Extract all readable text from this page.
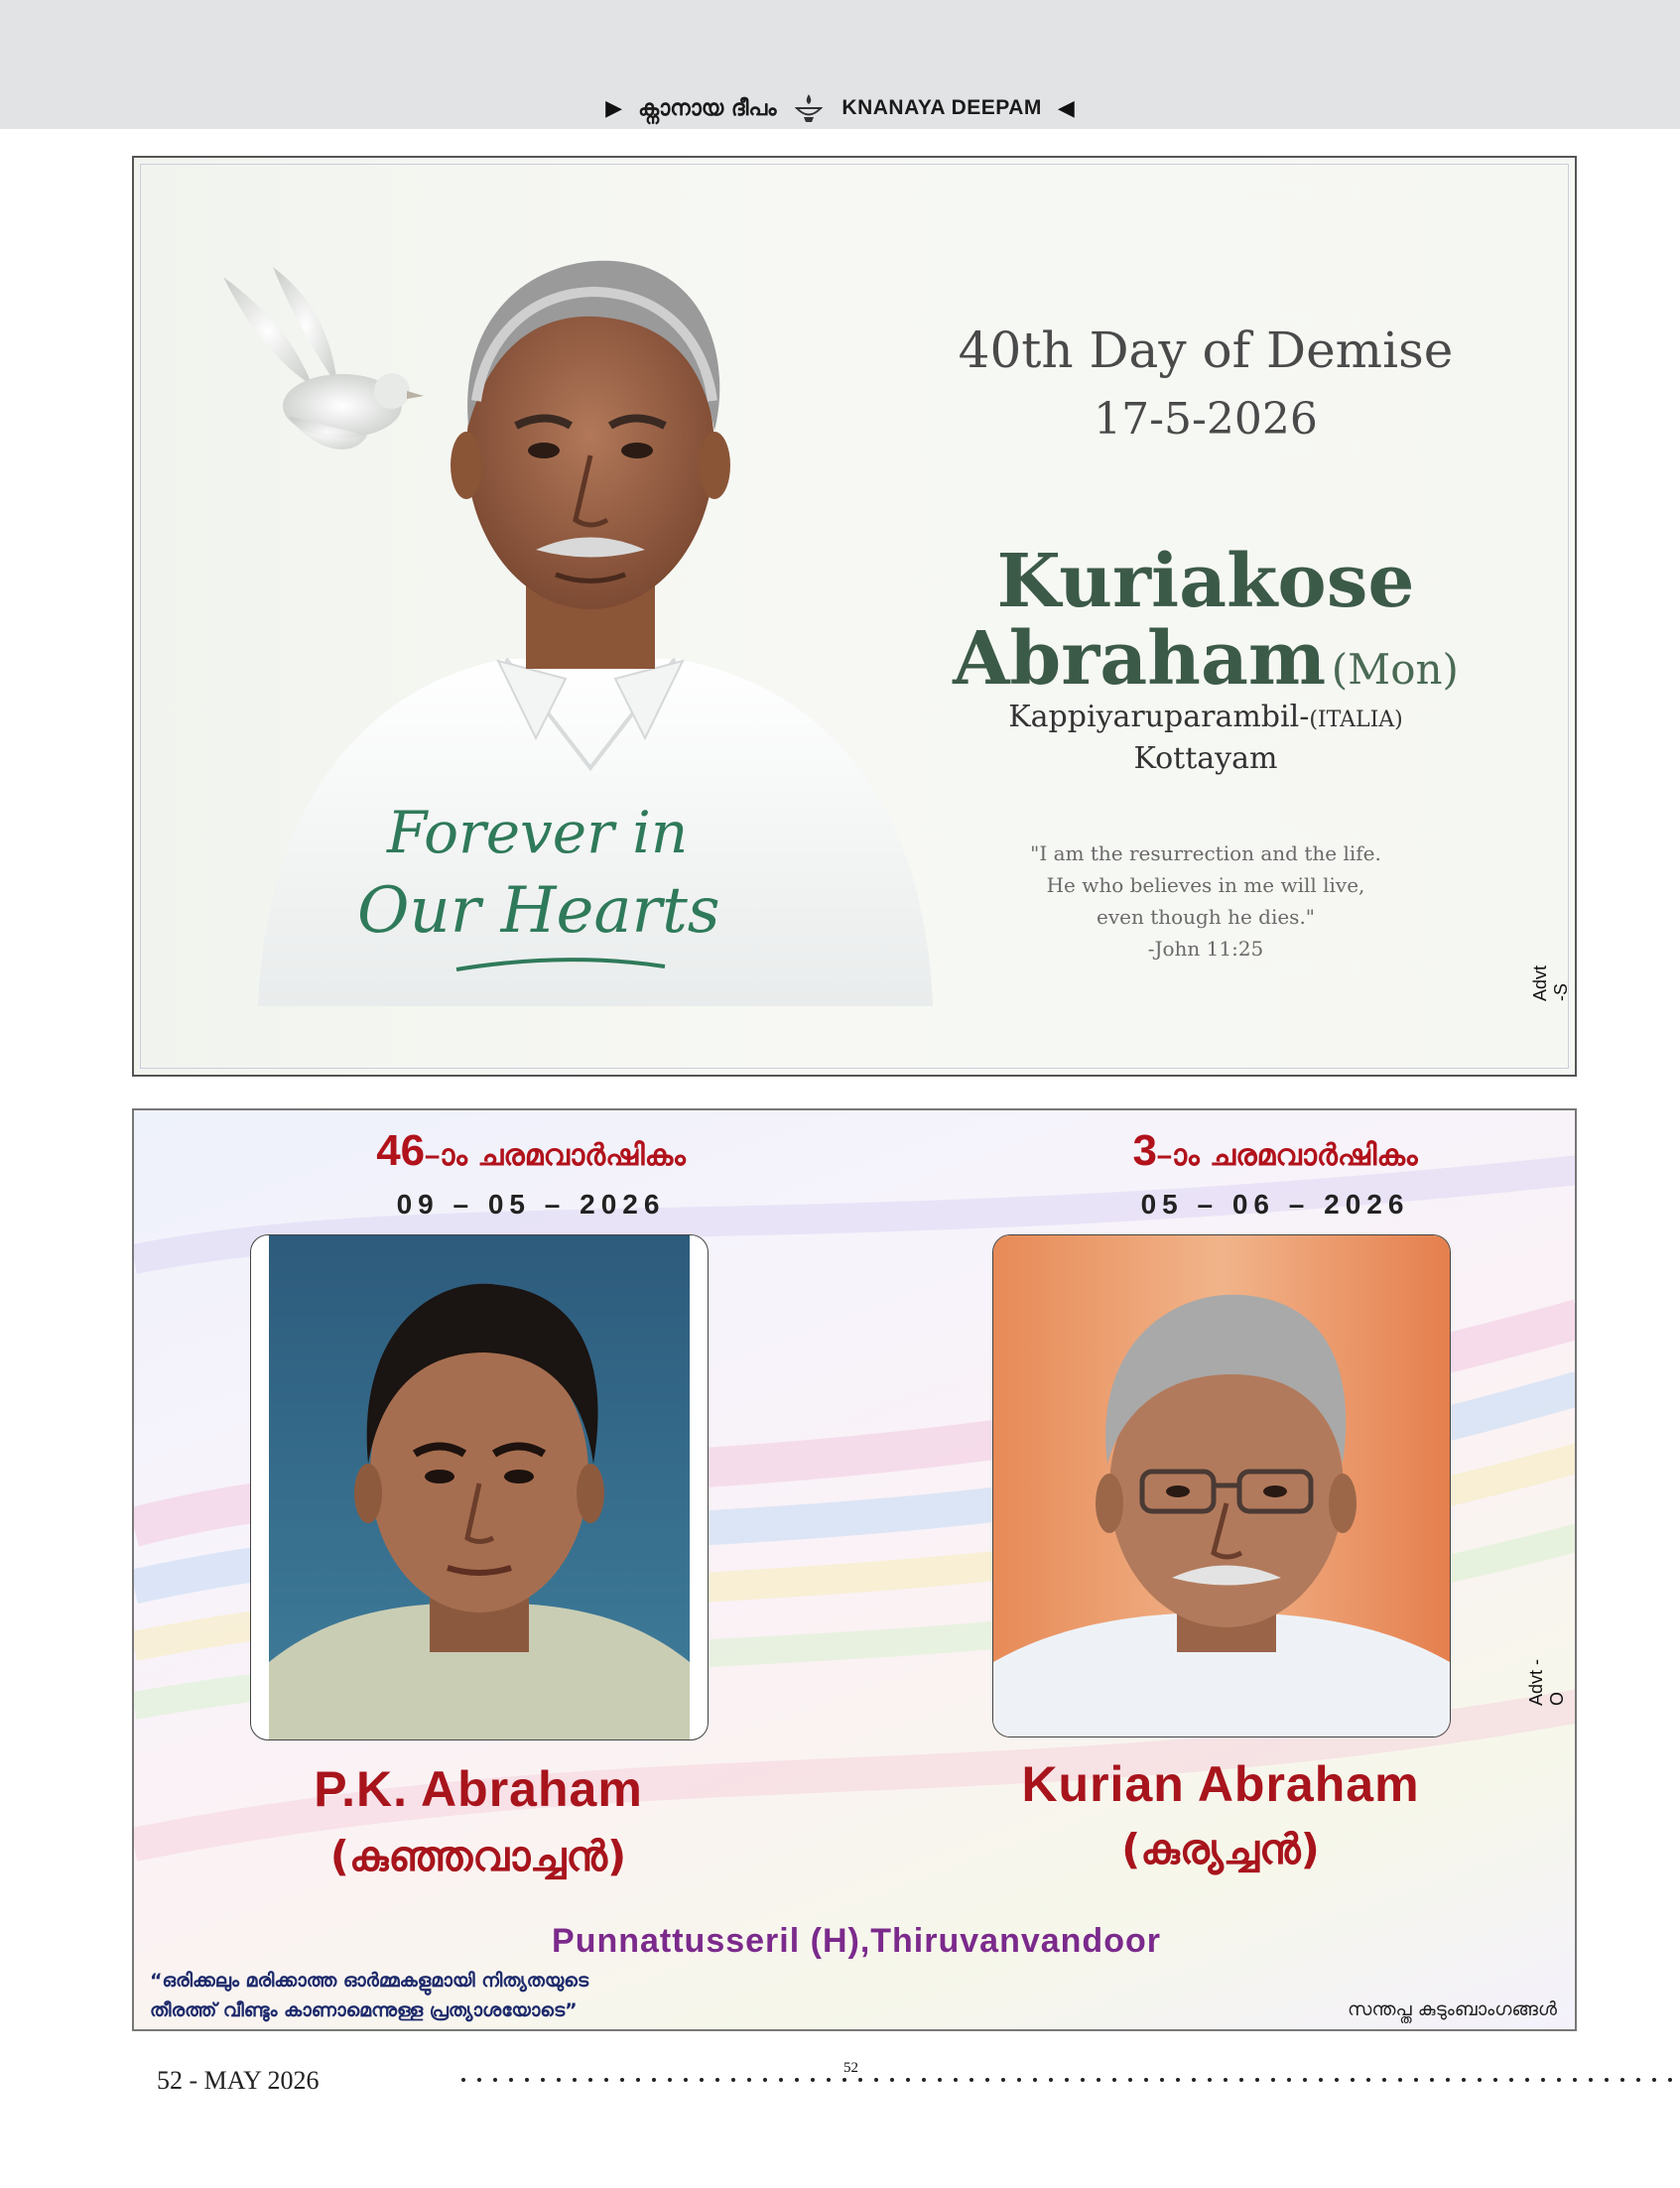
▶ ക്നാനായ ദീപം	KNANAYA DEEPAM ◀
Forever in
Our Hearts
40th Day of Demise
17-5-2026
Kuriakose
Abraham (Mon)
Kappiyaruparambil-(ITALIA)
Kottayam
"I am the resurrection and the life.
He who believes in me will live,
even though he dies."
-John 11:25
Advt -S
46–ാം ചരമവാർഷികം
09 – 05 – 2026
P.K. Abraham
(കുഞ്ഞവാച്ചൻ)
3–ാം ചരമവാർഷികം
05 – 06 – 2026
Kurian Abraham
(കുര്യച്ചൻ)
Punnattusseril (H),Thiruvanvandoor
“ഒരിക്കലും മരിക്കാത്ത ഓർമ്മകളുമായി നിത്യതയുടെ
തീരത്ത് വീണ്ടും കാണാമെന്നുള്ള പ്രത്യാശയോടെ”	സന്തപ്ത കുടുംബാംഗങ്ങൾ
Advt -O
52 - MAY 2026	52
